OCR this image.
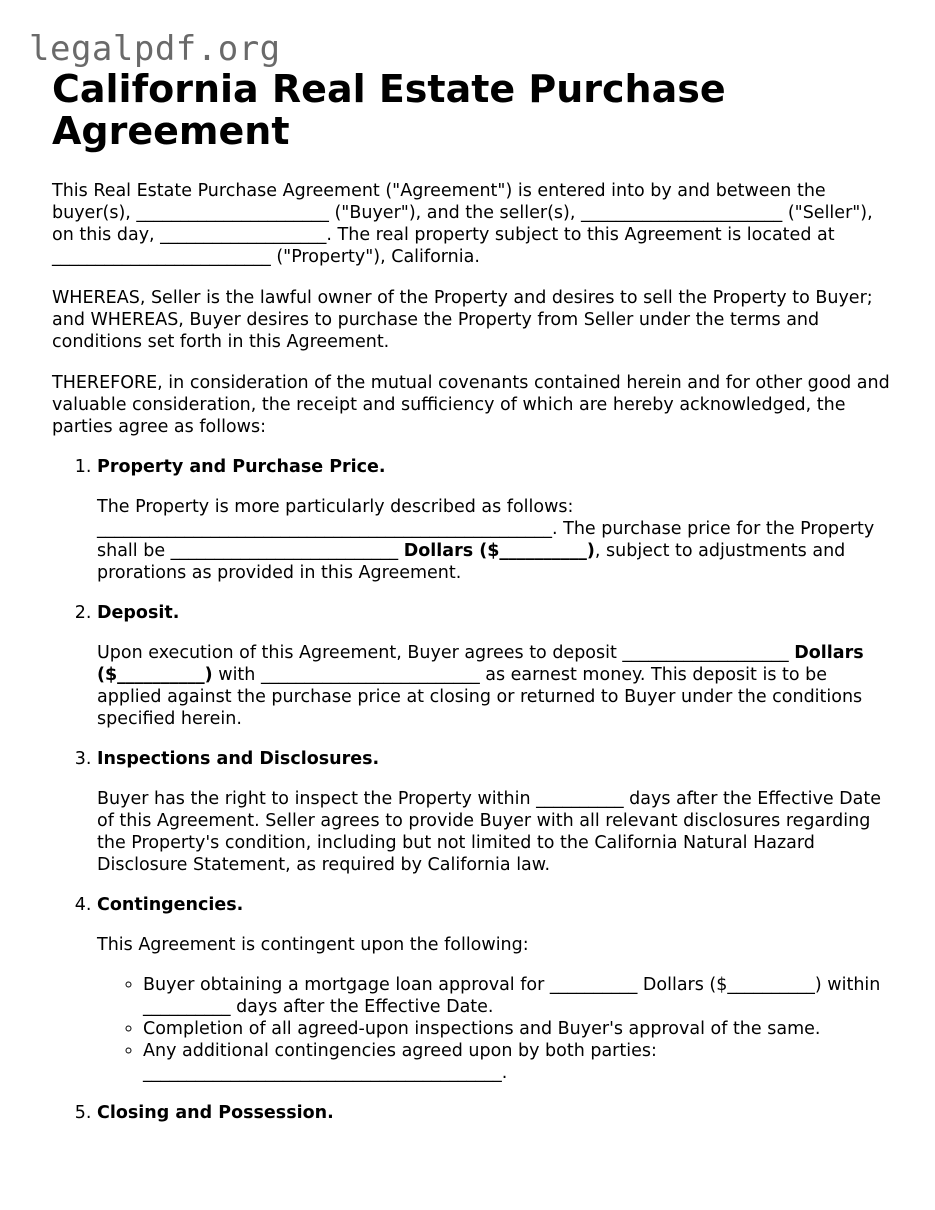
legalpdf.org
California Real Estate Purchase Agreement

This Real Estate Purchase Agreement ("Agreement") is entered into by and between the buyer(s), ______________________ ("Buyer"), and the seller(s), _______________________ ("Seller"), on this day, ___________________. The real property subject to this Agreement is located at _________________________ ("Property"), California.

WHEREAS, Seller is the lawful owner of the Property and desires to sell the Property to Buyer; and WHEREAS, Buyer desires to purchase the Property from Seller under the terms and conditions set forth in this Agreement.

THEREFORE, in consideration of the mutual covenants contained herein and for other good and valuable consideration, the receipt and sufficiency of which are hereby acknowledged, the parties agree as follows:

1. Property and Purchase Price.
The Property is more particularly described as follows: ____________________________________________________. The purchase price for the Property shall be __________________________ Dollars ($__________), subject to adjustments and prorations as provided in this Agreement.
2. Deposit.
Upon execution of this Agreement, Buyer agrees to deposit ___________________ Dollars ($__________) with _________________________ as earnest money. This deposit is to be applied against the purchase price at closing or returned to Buyer under the conditions specified herein.
3. Inspections and Disclosures.
Buyer has the right to inspect the Property within __________ days after the Effective Date of this Agreement. Seller agrees to provide Buyer with all relevant disclosures regarding the Property's condition, including but not limited to the California Natural Hazard Disclosure Statement, as required by California law.
4. Contingencies.
This Agreement is contingent upon the following:
◦ Buyer obtaining a mortgage loan approval for __________ Dollars ($__________) within __________ days after the Effective Date.
◦ Completion of all agreed-upon inspections and Buyer's approval of the same.
◦ Any additional contingencies agreed upon by both parties: _________________________________________.
5. Closing and Possession.
